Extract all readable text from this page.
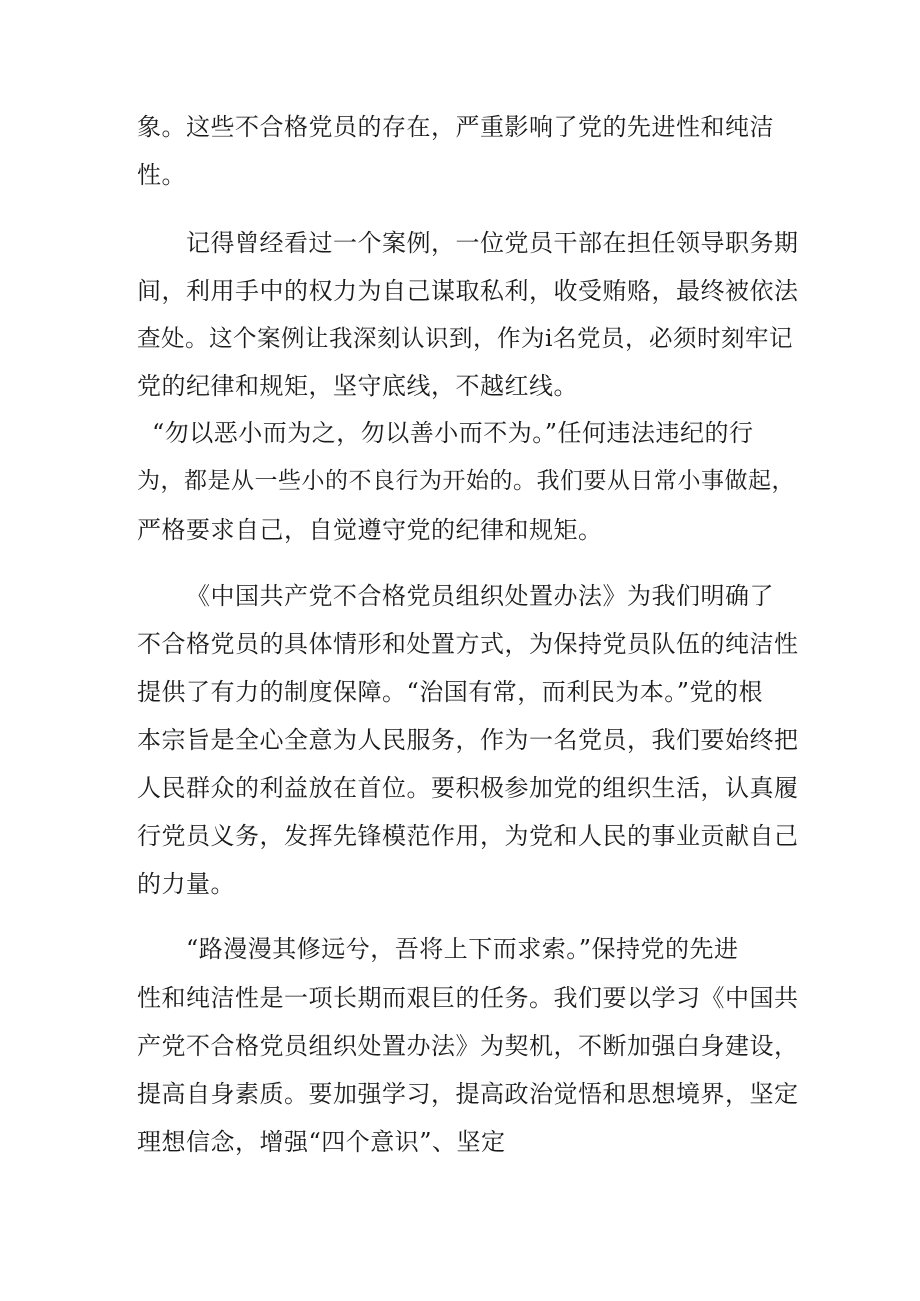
象。这些不合格党员的存在，严重影响了党的先进性和纯洁
性。
记得曾经看过一个案例，一位党员干部在担任领导职务期
间，利用手中的权力为自己谋取私利，收受贿赂，最终被依法
查处。这个案例让我深刻认识到，作为i名党员，必须时刻牢记
党的纪律和规矩，坚守底线，不越红线。
“勿以恶小而为之，勿以善小而不为。”任何违法违纪的行
为，都是从一些小的不良行为开始的。我们要从日常小事做起，
严格要求自己，自觉遵守党的纪律和规矩。
《中国共产党不合格党员组织处置办法》为我们明确了
不合格党员的具体情形和处置方式，为保持党员队伍的纯洁性
提供了有力的制度保障。“治国有常，而利民为本。”党的根
本宗旨是全心全意为人民服务，作为一名党员，我们要始终把
人民群众的利益放在首位。要积极参加党的组织生活，认真履
行党员义务，发挥先锋模范作用，为党和人民的事业贡献自己
的力量。
“路漫漫其修远兮，吾将上下而求索。”保持党的先进
性和纯洁性是一项长期而艰巨的任务。我们要以学习《中国共
产党不合格党员组织处置办法》为契机，不断加强白身建设，
提高自身素质。要加强学习，提高政治觉悟和思想境界，坚定
理想信念，增强“四个意识”、坚定
